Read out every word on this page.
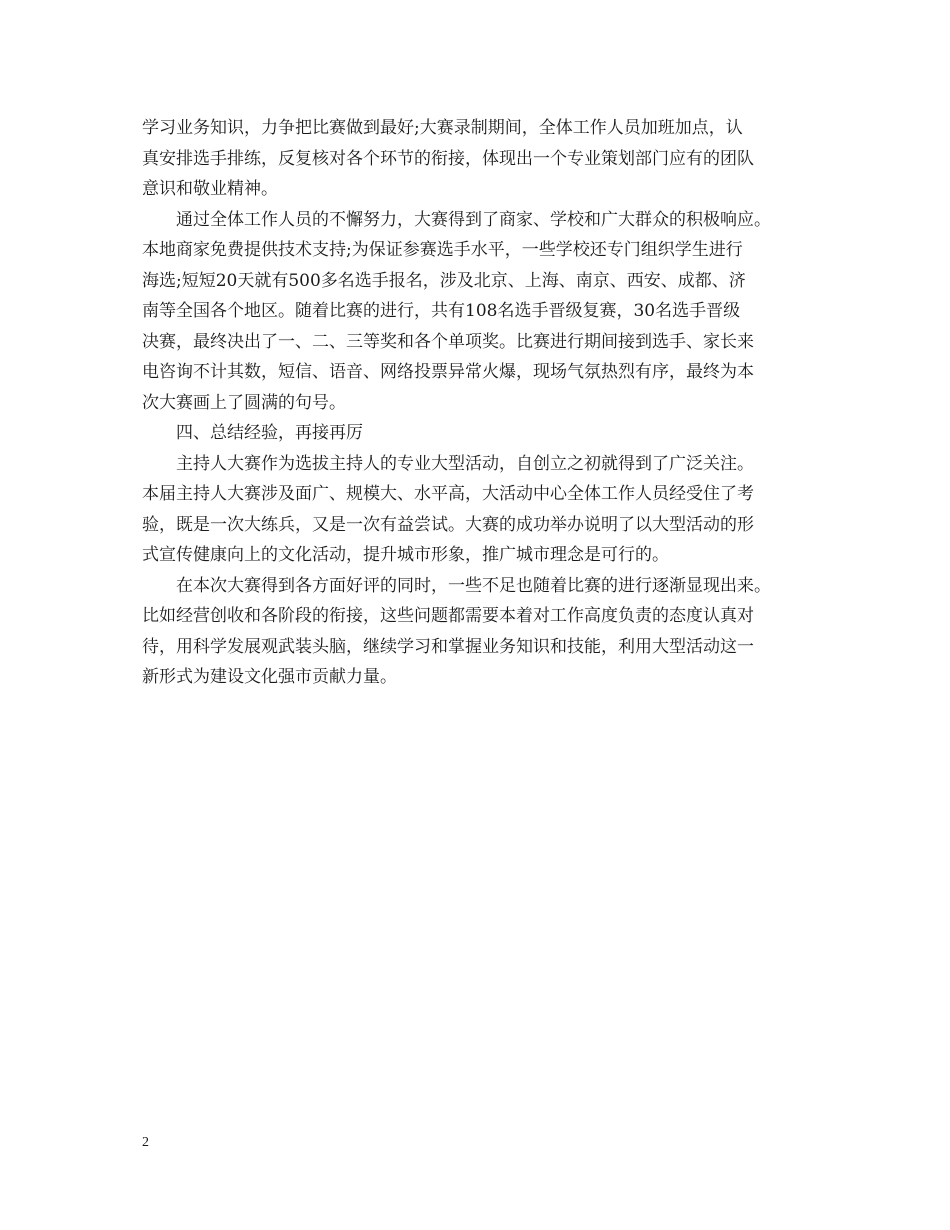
学习业务知识，力争把比赛做到最好;大赛录制期间，全体工作人员加班加点，认
真安排选手排练，反复核对各个环节的衔接，体现出一个专业策划部门应有的团队
意识和敬业精神。
通过全体工作人员的不懈努力，大赛得到了商家、学校和广大群众的积极响应。
本地商家免费提供技术支持;为保证参赛选手水平，一些学校还专门组织学生进行
海选;短短20天就有500多名选手报名，涉及北京、上海、南京、西安、成都、济
南等全国各个地区。随着比赛的进行，共有108名选手晋级复赛，30名选手晋级
决赛，最终决出了一、二、三等奖和各个单项奖。比赛进行期间接到选手、家长来
电咨询不计其数，短信、语音、网络投票异常火爆，现场气氛热烈有序，最终为本
次大赛画上了圆满的句号。
四、总结经验，再接再厉
主持人大赛作为选拔主持人的专业大型活动，自创立之初就得到了广泛关注。
本届主持人大赛涉及面广、规模大、水平高，大活动中心全体工作人员经受住了考
验，既是一次大练兵，又是一次有益尝试。大赛的成功举办说明了以大型活动的形
式宣传健康向上的文化活动，提升城市形象，推广城市理念是可行的。
在本次大赛得到各方面好评的同时，一些不足也随着比赛的进行逐渐显现出来。
比如经营创收和各阶段的衔接，这些问题都需要本着对工作高度负责的态度认真对
待，用科学发展观武装头脑，继续学习和掌握业务知识和技能，利用大型活动这一
新形式为建设文化强市贡献力量。
2
